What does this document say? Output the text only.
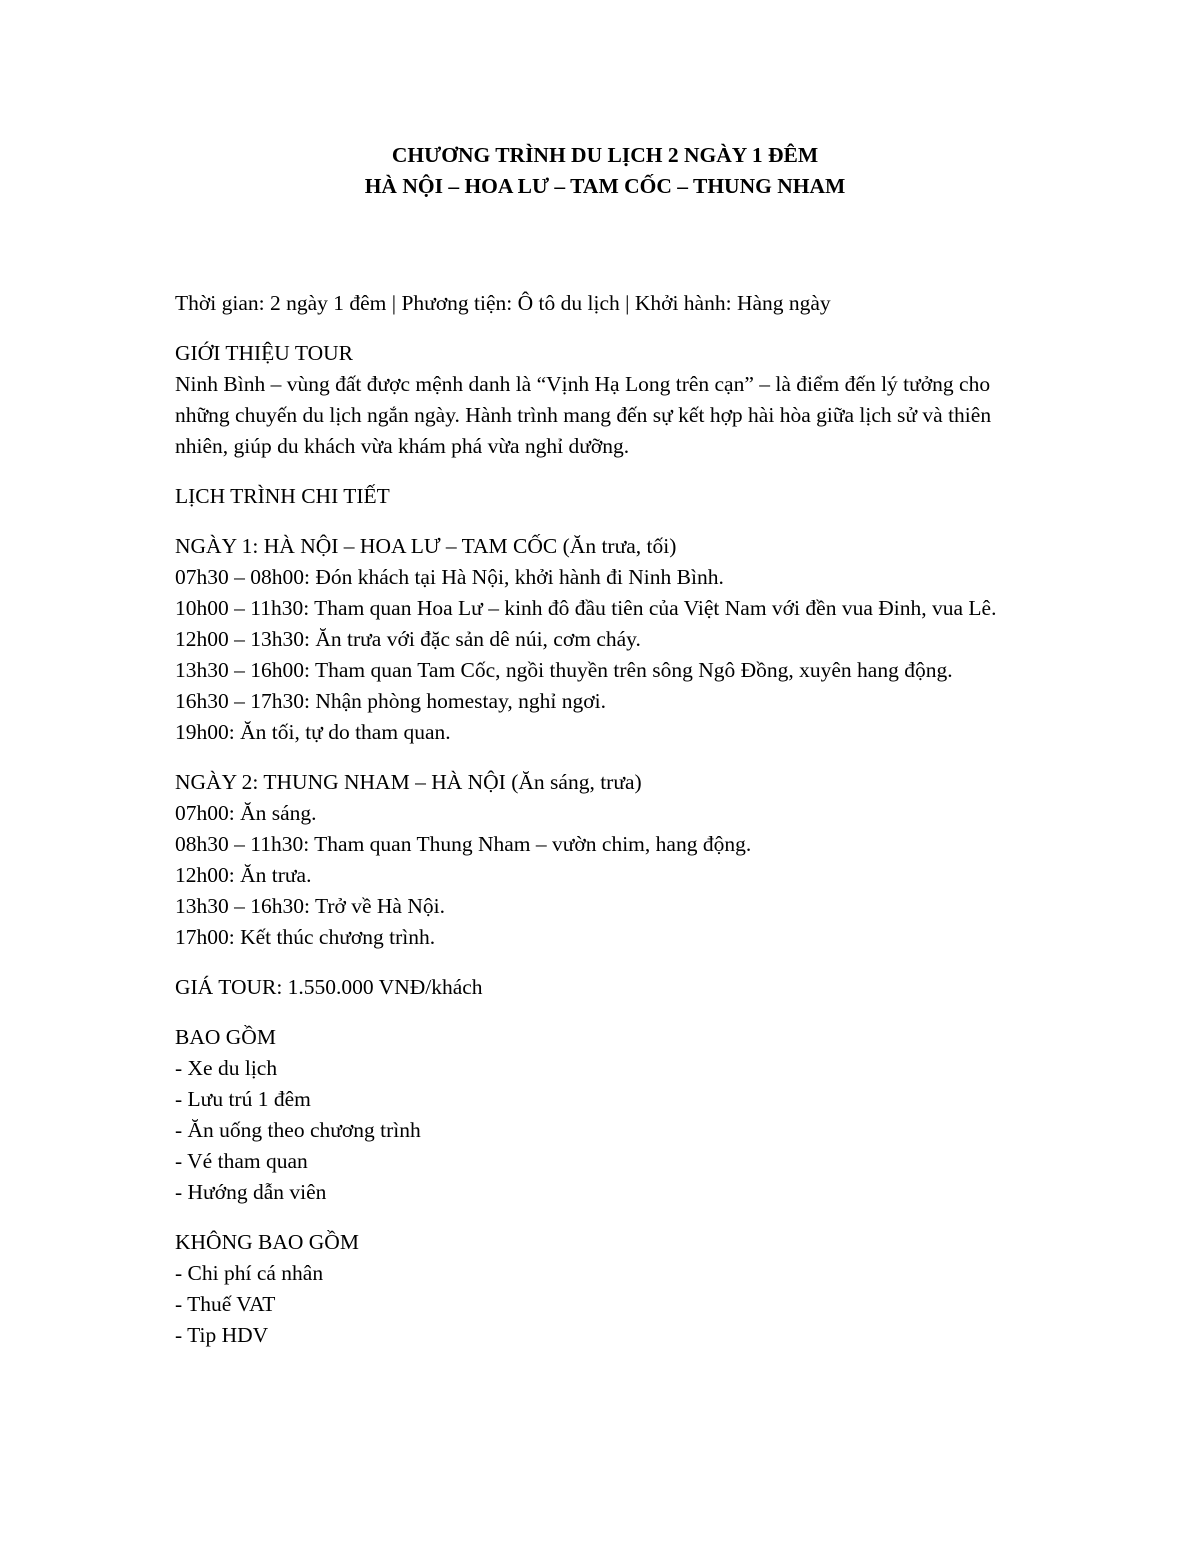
CHƯƠNG TRÌNH DU LỊCH 2 NGÀY 1 ĐÊM

HÀ NỘI – HOA LƯ – TAM CỐC – THUNG NHAM

Thời gian: 2 ngày 1 đêm | Phương tiện: Ô tô du lịch | Khởi hành: Hàng ngày
GIỚI THIỆU TOUR
Ninh Bình – vùng đất được mệnh danh là “Vịnh Hạ Long trên cạn” – là điểm đến lý tưởng cho những chuyến du lịch ngắn ngày. Hành trình mang đến sự kết hợp hài hòa giữa lịch sử và thiên nhiên, giúp du khách vừa khám phá vừa nghỉ dưỡng.
LỊCH TRÌNH CHI TIẾT
NGÀY 1: HÀ NỘI – HOA LƯ – TAM CỐC (Ăn trưa, tối)
07h30 – 08h00: Đón khách tại Hà Nội, khởi hành đi Ninh Bình.
10h00 – 11h30: Tham quan Hoa Lư – kinh đô đầu tiên của Việt Nam với đền vua Đinh, vua Lê.
12h00 – 13h30: Ăn trưa với đặc sản dê núi, cơm cháy.
13h30 – 16h00: Tham quan Tam Cốc, ngồi thuyền trên sông Ngô Đồng, xuyên hang động.
16h30 – 17h30: Nhận phòng homestay, nghỉ ngơi.
19h00: Ăn tối, tự do tham quan.
NGÀY 2: THUNG NHAM – HÀ NỘI (Ăn sáng, trưa)
07h00: Ăn sáng.
08h30 – 11h30: Tham quan Thung Nham – vườn chim, hang động.
12h00: Ăn trưa.
13h30 – 16h30: Trở về Hà Nội.
17h00: Kết thúc chương trình.
GIÁ TOUR: 1.550.000 VNĐ/khách
BAO GỒM
- Xe du lịch
- Lưu trú 1 đêm
- Ăn uống theo chương trình
- Vé tham quan
- Hướng dẫn viên
KHÔNG BAO GỒM
- Chi phí cá nhân
- Thuế VAT
- Tip HDV
